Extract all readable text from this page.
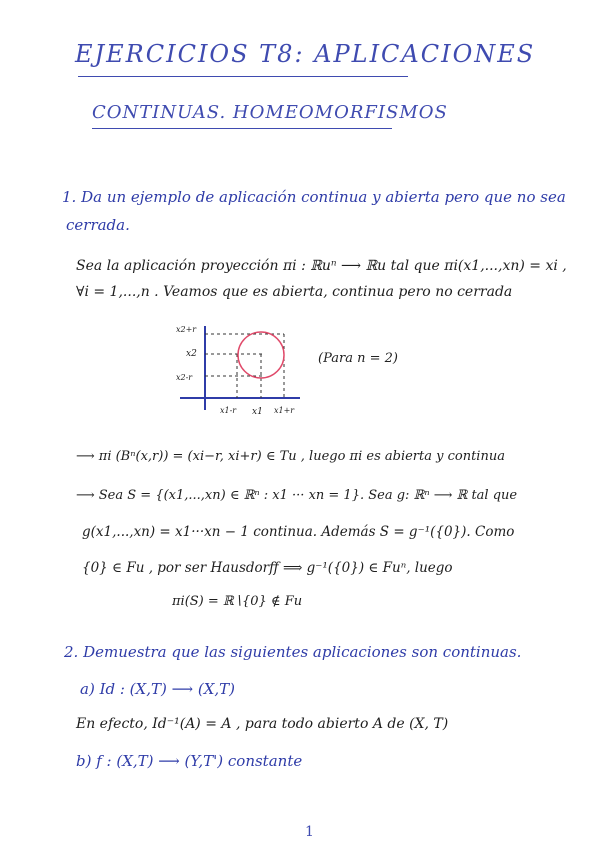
EJERCICIOS T8: APLICACIONES
CONTINUAS. HOMEOMORFISMOS
1. Da un ejemplo de aplicación continua y abierta pero que no sea
cerrada.
Sea la aplicación proyección πi : ℝuⁿ ⟶ ℝu tal que πi(x1,...,xn) = xi ,
∀i = 1,...,n . Veamos que es abierta, continua pero no cerrada
x2+r
x2
x2-r
x1-r x1 x1+r
(Para n = 2)
⟶ πi (Bⁿ(x,r)) = (xi−r, xi+r) ∈ Tu , luego πi es abierta y continua
⟶ Sea S = {(x1,...,xn) ∈ ℝⁿ : x1 ··· xn = 1}. Sea g: ℝⁿ ⟶ ℝ tal que
g(x1,...,xn) = x1···xn − 1 continua. Además S = g⁻¹({0}). Como
{0} ∈ Fu , por ser Hausdorff ⟹ g⁻¹({0}) ∈ Fuⁿ, luego
πi(S) = ℝ∖{0} ∉ Fu
2. Demuestra que las siguientes aplicaciones son continuas.
a) Id : (X,T) ⟶ (X,T)
En efecto, Id⁻¹(A) = A , para todo abierto A de (X, T)
b) f : (X,T) ⟶ (Y,T') constante
1
